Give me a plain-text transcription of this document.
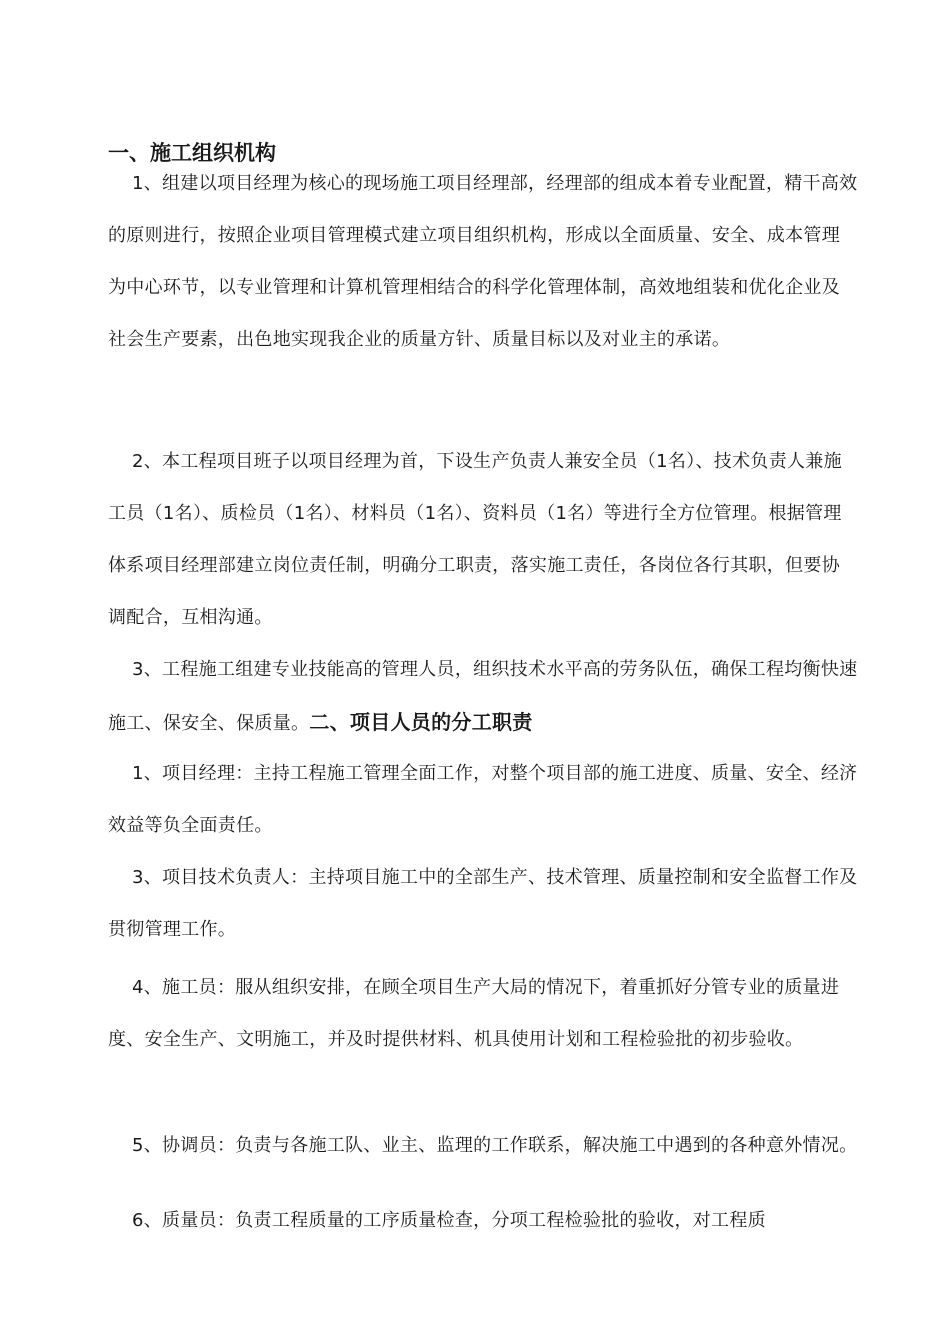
一、施工组织机构
1、组建以项目经理为核心的现场施工项目经理部，经理部的组成本着专业配置，精干高效的原则进行，按照企业项目管理模式建立项目组织机构，形成以全面质量、安全、成本管理为中心环节，以专业管理和计算机管理相结合的科学化管理体制，高效地组装和优化企业及社会生产要素，出色地实现我企业的质量方针、质量目标以及对业主的承诺。
2、本工程项目班子以项目经理为首，下设生产负责人兼安全员（1名）、技术负责人兼施工员（1名）、质检员（1名）、材料员（1名）、资料员（1名）等进行全方位管理。根据管理体系项目经理部建立岗位责任制，明确分工职责，落实施工责任，各岗位各行其职，但要协调配合，互相沟通。
3、工程施工组建专业技能高的管理人员，组织技术水平高的劳务队伍，确保工程均衡快速施工、保安全、保质量。二、项目人员的分工职责
1、项目经理：主持工程施工管理全面工作，对整个项目部的施工进度、质量、安全、经济效益等负全面责任。
3、项目技术负责人：主持项目施工中的全部生产、技术管理、质量控制和安全监督工作及贯彻管理工作。
4、施工员：服从组织安排，在顾全项目生产大局的情况下，着重抓好分管专业的质量进度、安全生产、文明施工，并及时提供材料、机具使用计划和工程检验批的初步验收。
5、协调员：负责与各施工队、业主、监理的工作联系，解决施工中遇到的各种意外情况。
6、质量员：负责工程质量的工序质量检查，分项工程检验批的验收，对工程质
